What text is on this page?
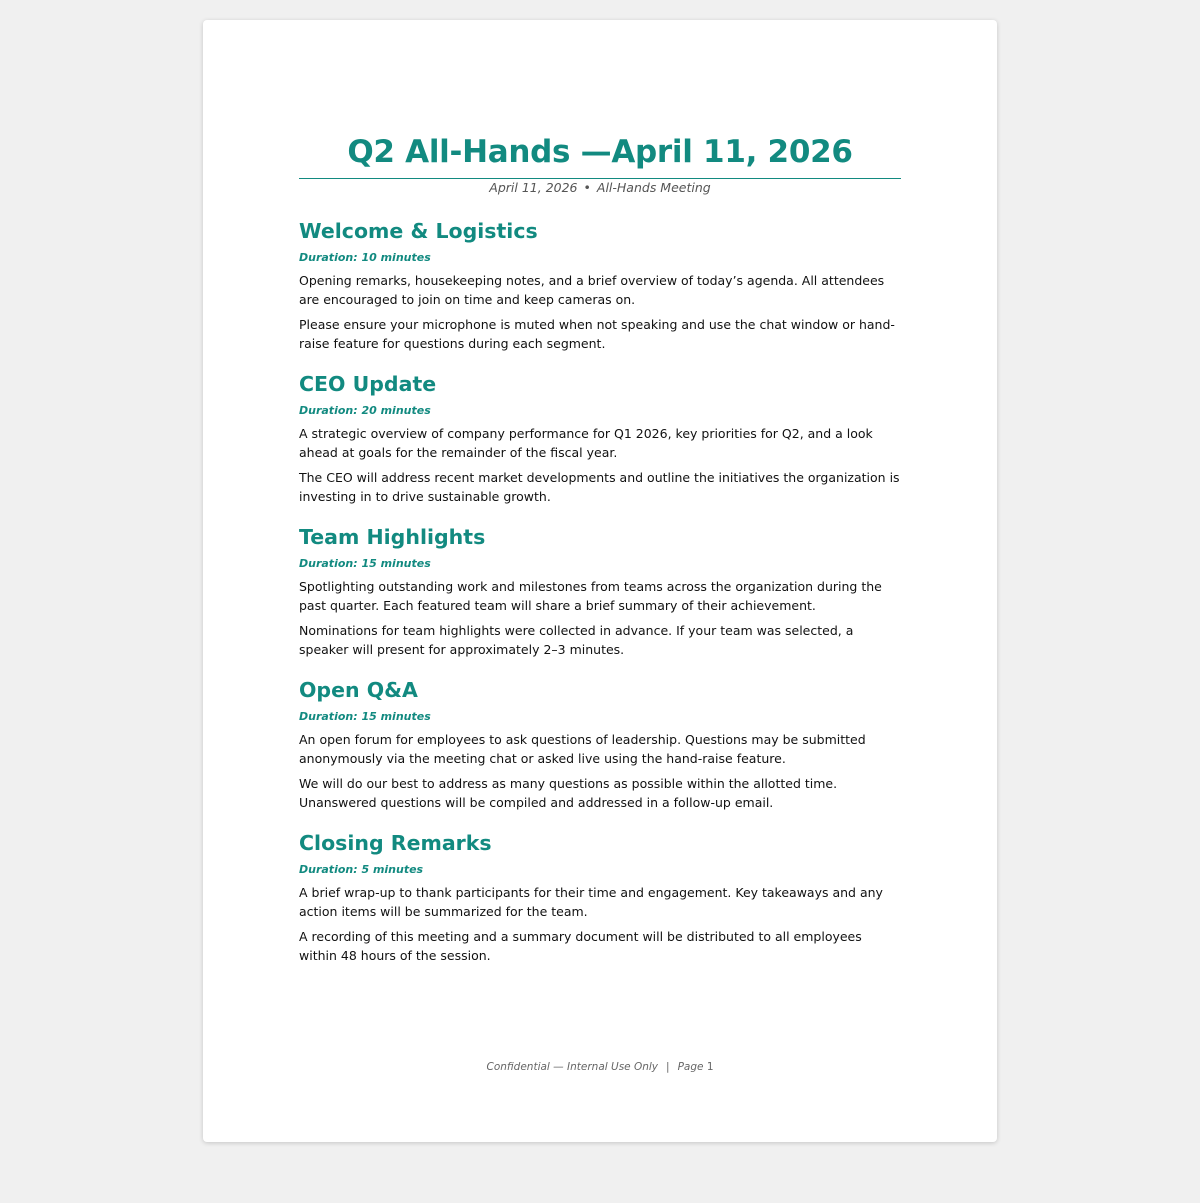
Q2 All-Hands —April 11, 2026
April 11, 2026 • All-Hands Meeting
Welcome & Logistics
Duration: 10 minutes

Opening remarks, housekeeping notes, and a brief overview of today’s agenda. All attendees are encouraged to join on time and keep cameras on.

Please ensure your microphone is muted when not speaking and use the chat window or hand-raise feature for questions during each segment.

CEO Update
Duration: 20 minutes

A strategic overview of company performance for Q1 2026, key priorities for Q2, and a look ahead at goals for the remainder of the fiscal year.

The CEO will address recent market developments and outline the initiatives the organization is investing in to drive sustainable growth.

Team Highlights
Duration: 15 minutes

Spotlighting outstanding work and milestones from teams across the organization during the past quarter. Each featured team will share a brief summary of their achievement.

Nominations for team highlights were collected in advance. If your team was selected, a speaker will present for approximately 2–3 minutes.

Open Q&A
Duration: 15 minutes

An open forum for employees to ask questions of leadership. Questions may be submitted anonymously via the meeting chat or asked live using the hand-raise feature.

We will do our best to address as many questions as possible within the allotted time. Unanswered questions will be compiled and addressed in a follow-up email.

Closing Remarks
Duration: 5 minutes

A brief wrap-up to thank participants for their time and engagement. Key takeaways and any action items will be summarized for the team.

A recording of this meeting and a summary document will be distributed to all employees within 48 hours of the session.

Confidential — Internal Use Only | Page 1
